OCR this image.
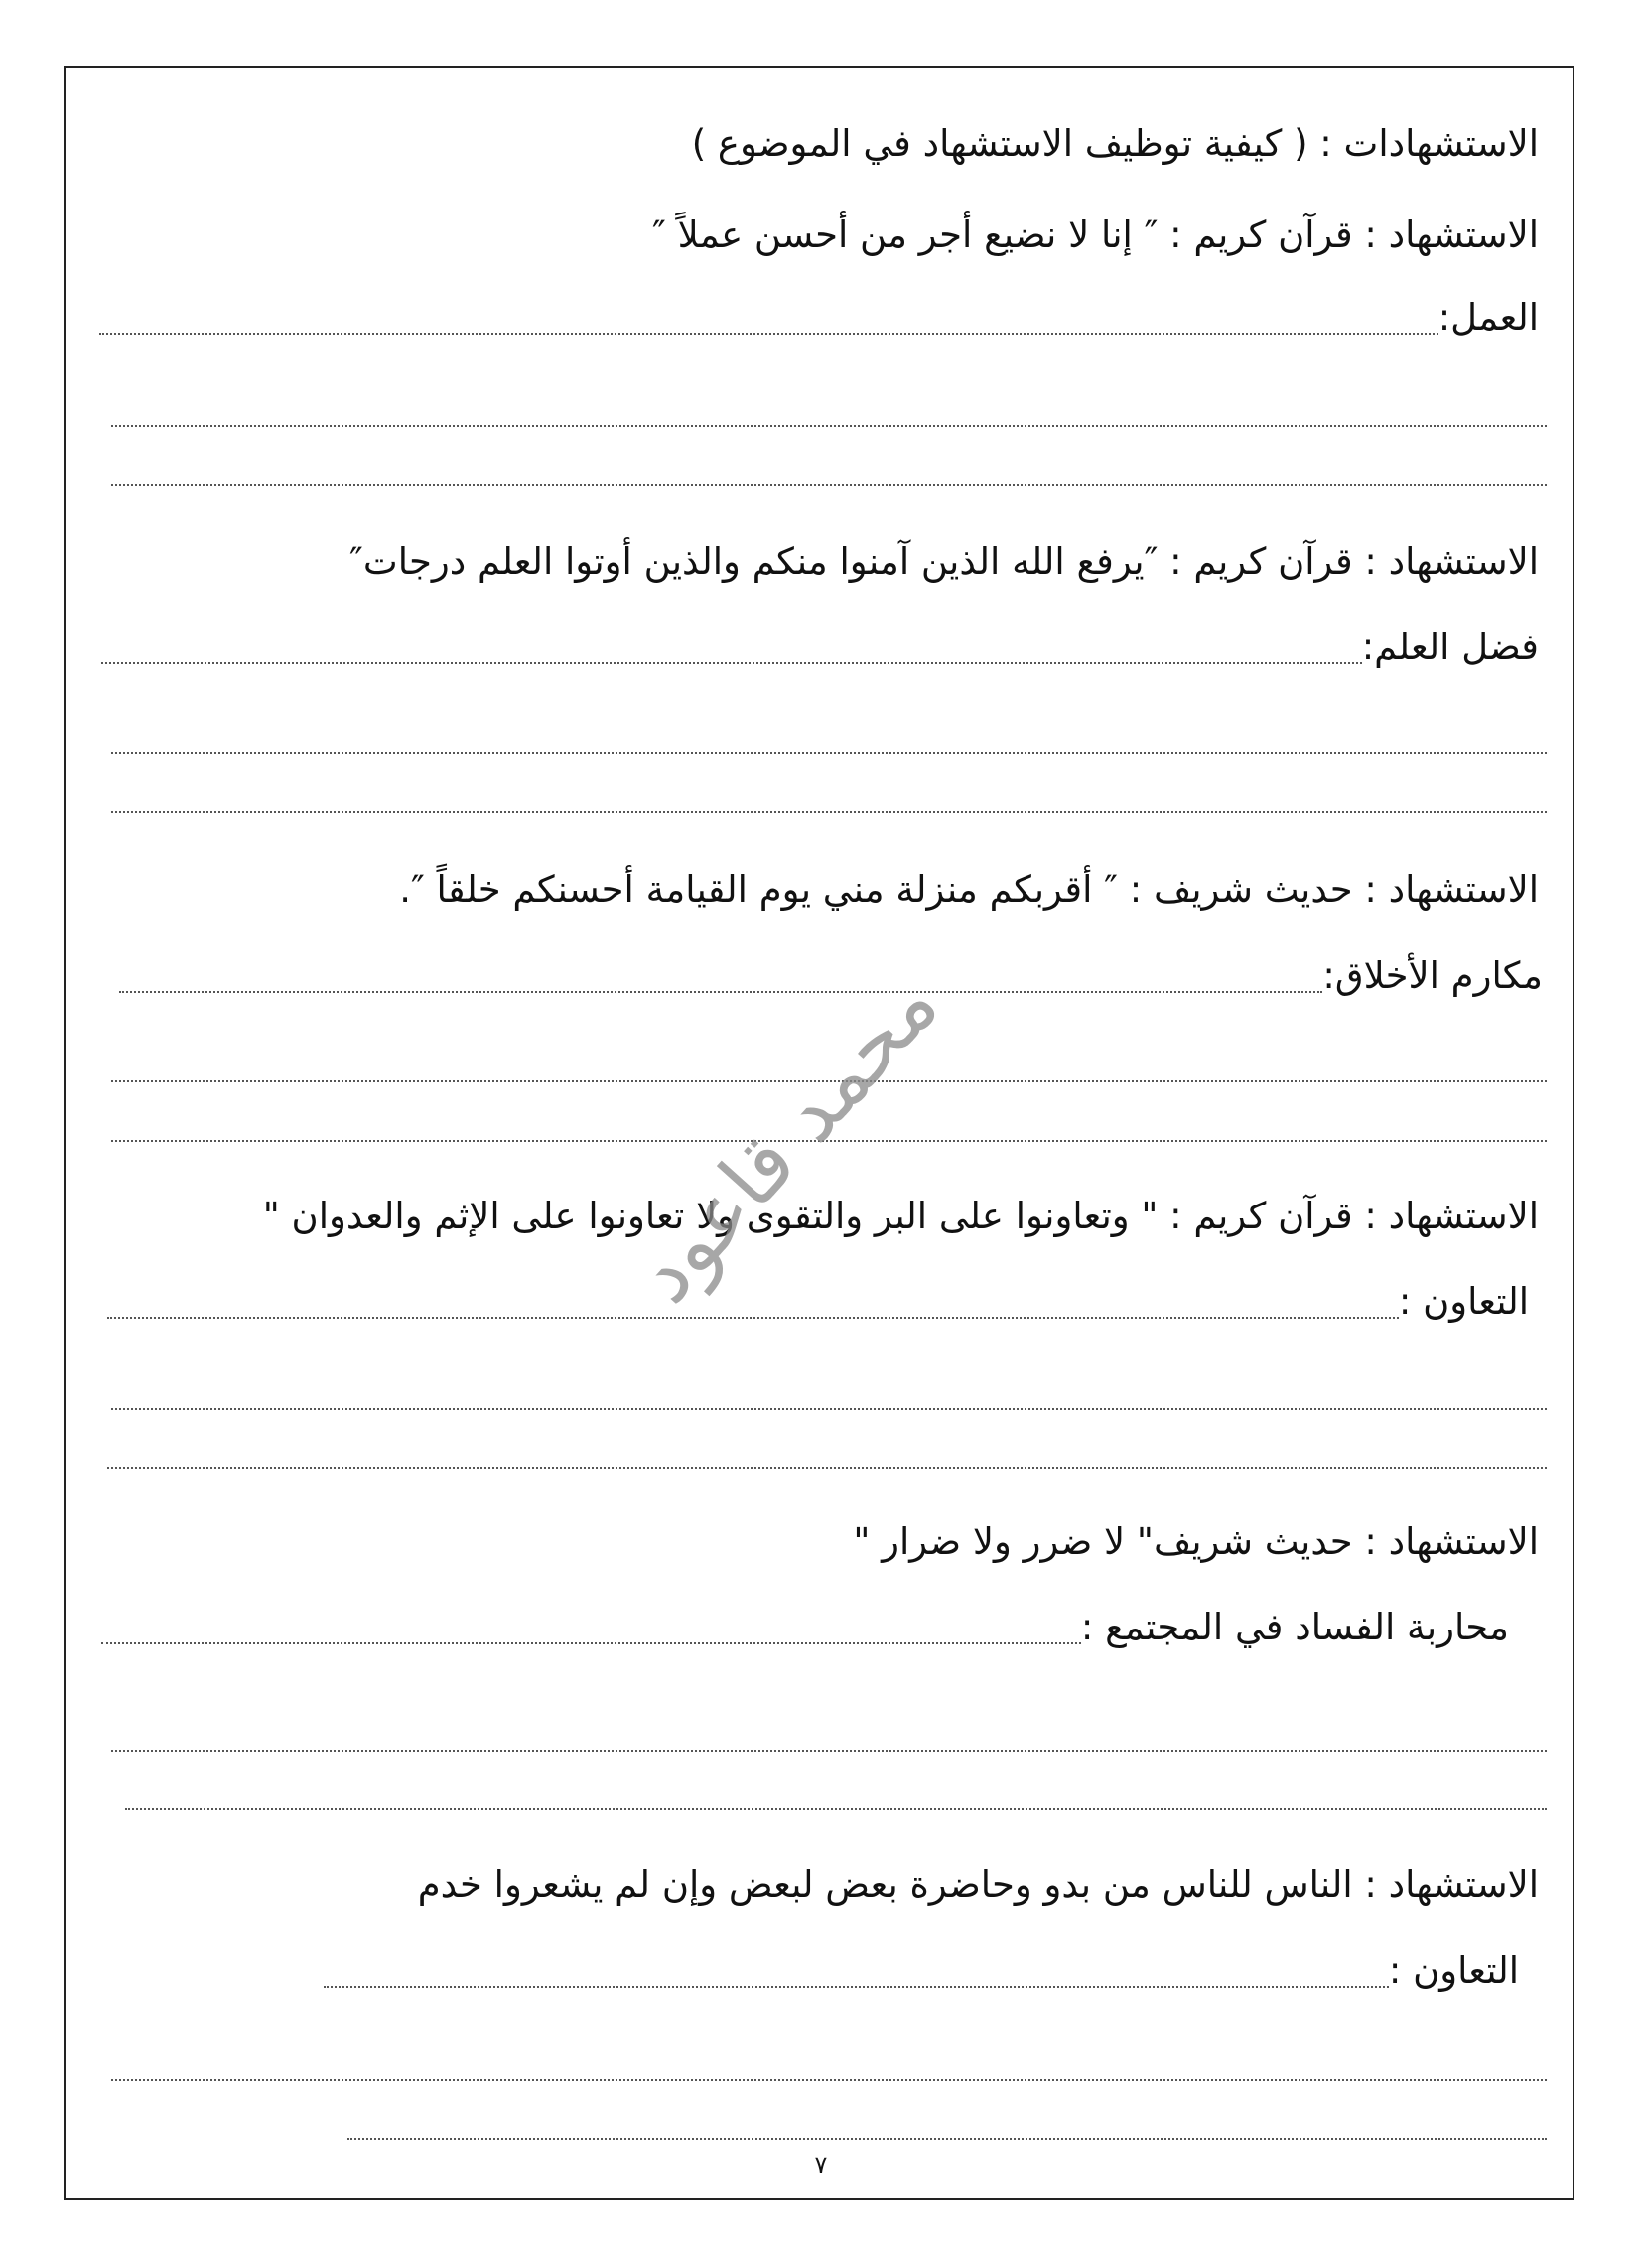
الاستشهادات : ( كيفية توظيف الاستشهاد في الموضوع )
الاستشهاد : قرآن كريم : ″ إنا لا نضيع أجر من أحسن عملاً ″
العمل:
الاستشهاد : قرآن كريم : ″يرفع الله الذين آمنوا منكم والذين أوتوا العلم درجات″
فضل العلم:
الاستشهاد : حديث شريف : ″ أقربكم منزلة مني يوم القيامة أحسنكم خلقاً ″.
مكارم الأخلاق:
الاستشهاد : قرآن كريم : " وتعاونوا على البر والتقوى ولا تعاونوا على الإثم والعدوان "
التعاون :
الاستشهاد : حديث شريف" لا ضرر ولا ضرار "
محاربة الفساد في المجتمع :
الاستشهاد : الناس للناس من بدو وحاضرة بعض لبعض وإن لم يشعروا خدم
التعاون :
محمد قاعود
٧
